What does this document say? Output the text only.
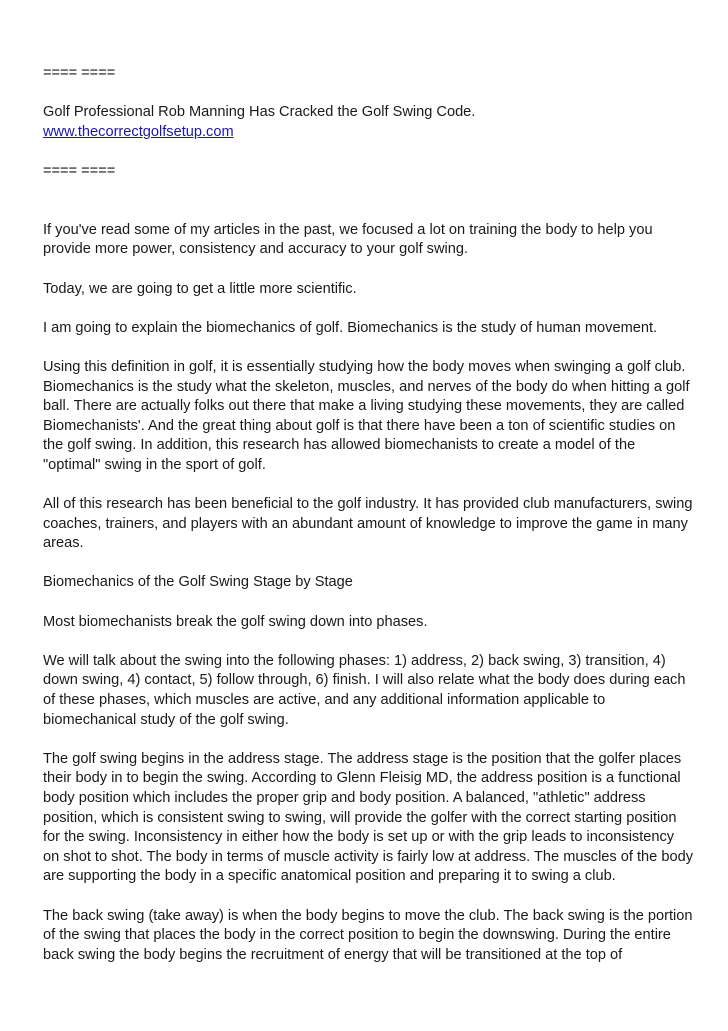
==== ====

Golf Professional Rob Manning Has Cracked the Golf Swing Code.

www.thecorrectgolfsetup.com

==== ====

If you've read some of my articles in the past, we focused a lot on training the body to help you provide more power, consistency and accuracy to your golf swing.

Today, we are going to get a little more scientific.

I am going to explain the biomechanics of golf. Biomechanics is the study of human movement.

Using this definition in golf, it is essentially studying how the body moves when swinging a golf club. Biomechanics is the study what the skeleton, muscles, and nerves of the body do when hitting a golf ball. There are actually folks out there that make a living studying these movements, they are called Biomechanists'. And the great thing about golf is that there have been a ton of scientific studies on the golf swing. In addition, this research has allowed biomechanists to create a model of the "optimal" swing in the sport of golf.

All of this research has been beneficial to the golf industry. It has provided club manufacturers, swing coaches, trainers, and players with an abundant amount of knowledge to improve the game in many areas.

Biomechanics of the Golf Swing Stage by Stage

Most biomechanists break the golf swing down into phases.

We will talk about the swing into the following phases: 1) address, 2) back swing, 3) transition, 4) down swing, 4) contact, 5) follow through, 6) finish. I will also relate what the body does during each of these phases, which muscles are active, and any additional information applicable to biomechanical study of the golf swing.

The golf swing begins in the address stage. The address stage is the position that the golfer places their body in to begin the swing. According to Glenn Fleisig MD, the address position is a functional body position which includes the proper grip and body position. A balanced, "athletic" address position, which is consistent swing to swing, will provide the golfer with the correct starting position for the swing. Inconsistency in either how the body is set up or with the grip leads to inconsistency on shot to shot. The body in terms of muscle activity is fairly low at address. The muscles of the body are supporting the body in a specific anatomical position and preparing it to swing a club.

The back swing (take away) is when the body begins to move the club. The back swing is the portion of the swing that places the body in the correct position to begin the downswing. During the entire back swing the body begins the recruitment of energy that will be transitioned at the top of
